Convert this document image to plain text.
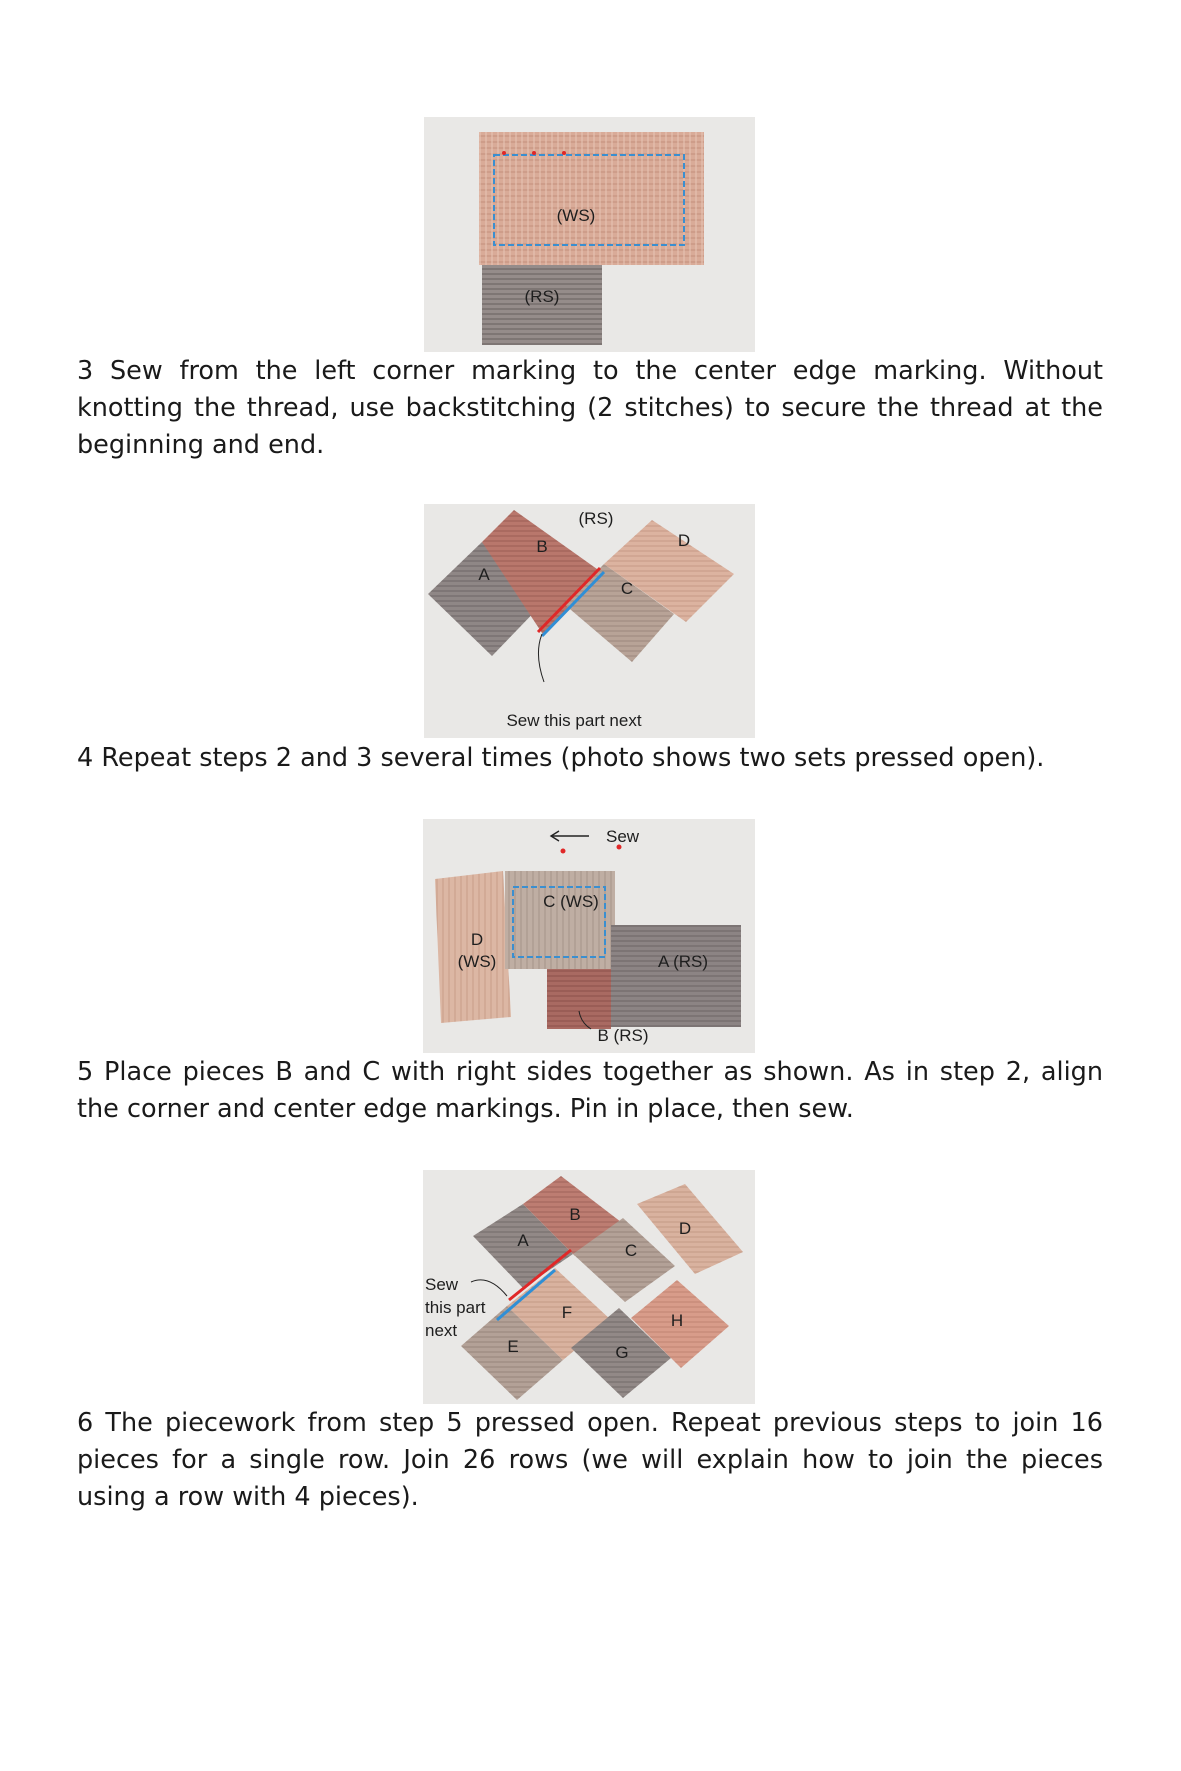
(WS)
(RS)

3 Sew from the left corner marking to the center edge marking. Without knotting the thread, use backstitching (2 stitches) to secure the thread at the beginning and end.

(RS)
A
B
C
D
Sew this part next

4 Repeat steps 2 and 3 several times (photo shows two sets pressed open).

Sew
C (WS)
D
(WS)	A (RS)
B (RS)

5 Place pieces B and C with right sides together as shown. As in step 2, align the corner and center edge markings. Pin in place, then sew.

A
B
C
D
E
F
G
H
Sew
this part
next

6 The piecework from step 5 pressed open. Repeat previous steps to join 16 pieces for a single row. Join 26 rows (we will explain how to join the pieces using a row with 4 pieces).
